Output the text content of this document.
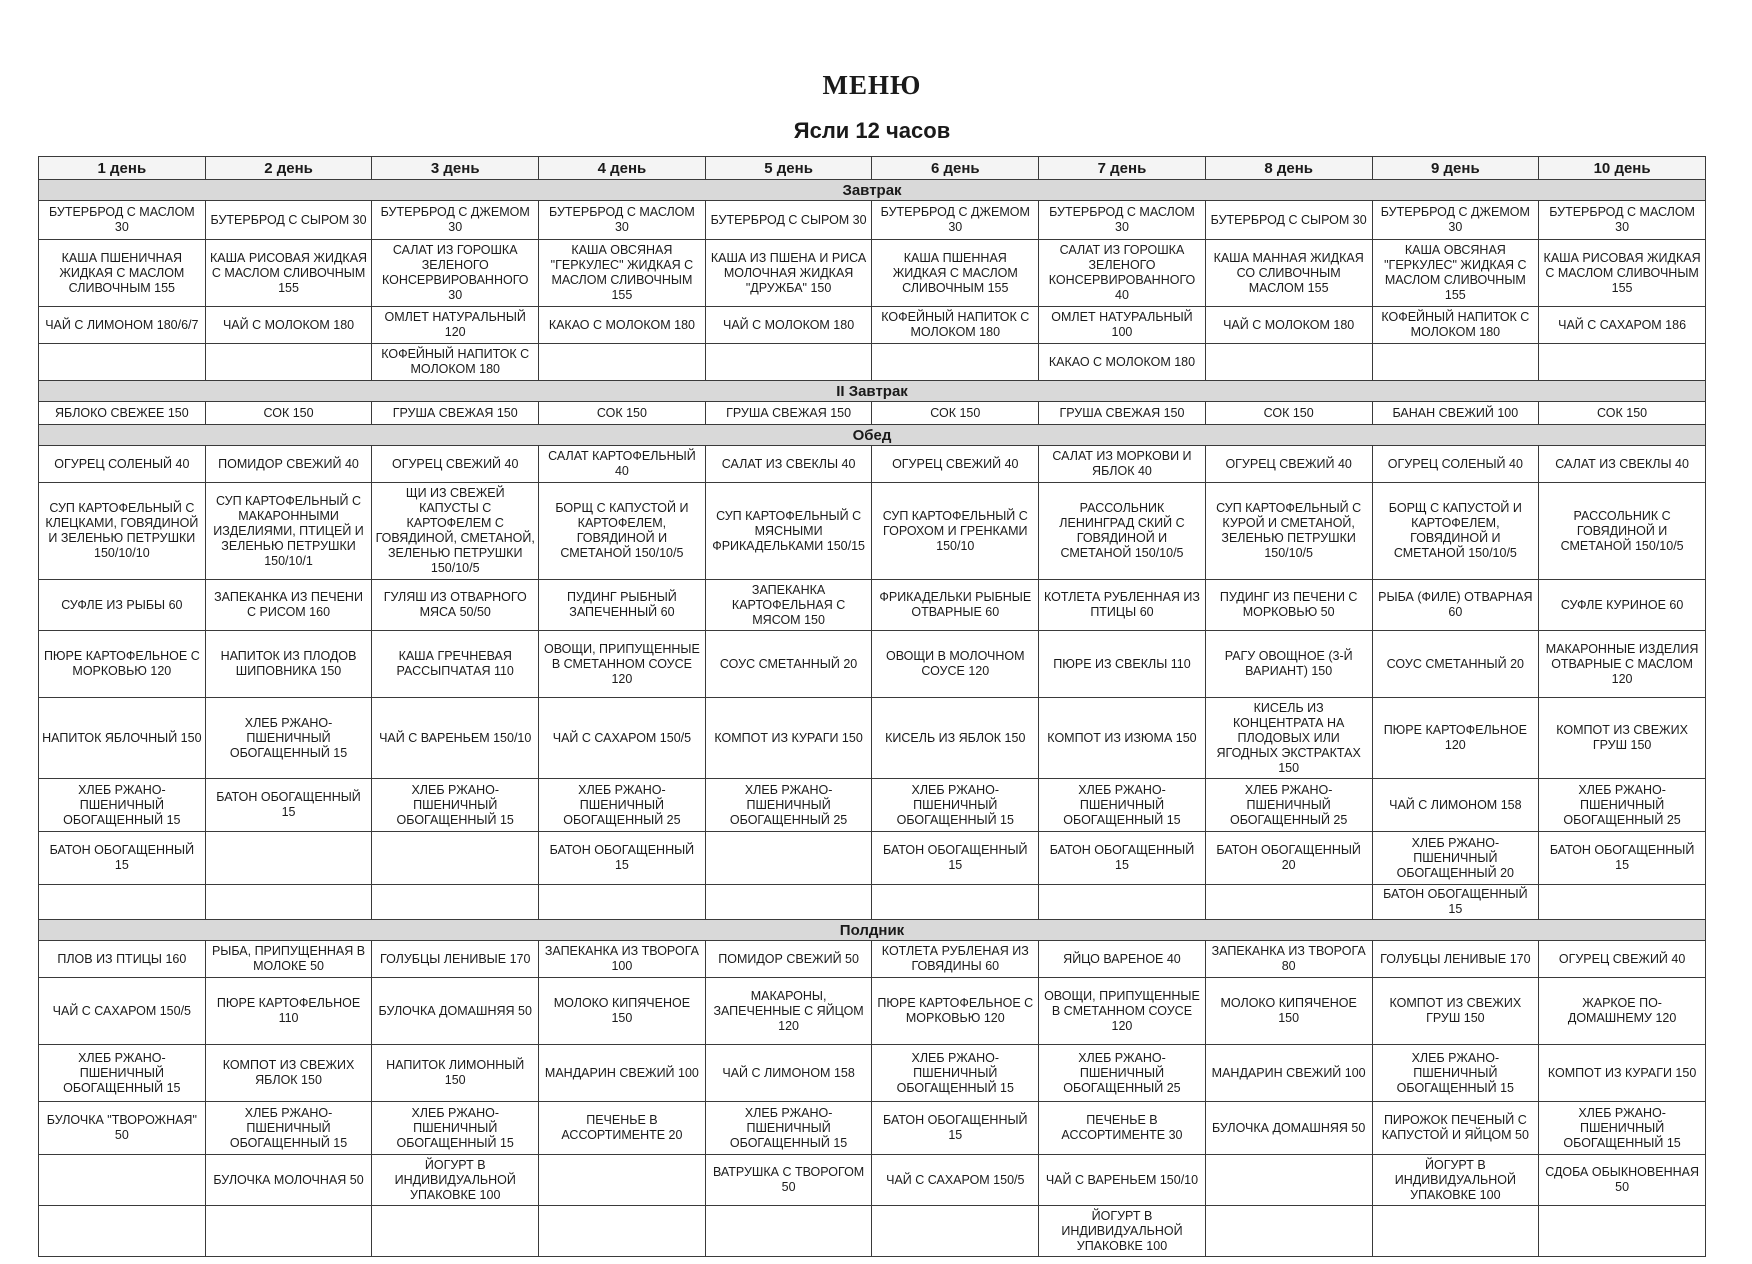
МЕНЮ
Ясли 12 часов
1 день	2 день	3 день	4 день	5 день	6 день	7 день	8 день	9 день	10 день
Завтрак									
БУТЕРБРОД С МАСЛОМ 30	БУТЕРБРОД С СЫРОМ 30	БУТЕРБРОД С ДЖЕМОМ 30	БУТЕРБРОД С МАСЛОМ 30	БУТЕРБРОД С СЫРОМ 30	БУТЕРБРОД С ДЖЕМОМ 30	БУТЕРБРОД С МАСЛОМ 30	БУТЕРБРОД С СЫРОМ 30	БУТЕРБРОД С ДЖЕМОМ 30	БУТЕРБРОД С МАСЛОМ 30
КАША ПШЕНИЧНАЯ ЖИДКАЯ С МАСЛОМ СЛИВОЧНЫМ 155	КАША РИСОВАЯ ЖИДКАЯ С МАСЛОМ СЛИВОЧНЫМ 155	САЛАТ ИЗ ГОРОШКА ЗЕЛЕНОГО КОНСЕРВИРОВАННОГО 30	КАША ОВСЯНАЯ "ГЕРКУЛЕС" ЖИДКАЯ С МАСЛОМ СЛИВОЧНЫМ 155	КАША ИЗ ПШЕНА И РИСА МОЛОЧНАЯ ЖИДКАЯ "ДРУЖБА" 150	КАША ПШЕННАЯ ЖИДКАЯ С МАСЛОМ СЛИВОЧНЫМ 155	САЛАТ ИЗ ГОРОШКА ЗЕЛЕНОГО КОНСЕРВИРОВАННОГО 40	КАША МАННАЯ ЖИДКАЯ СО СЛИВОЧНЫМ МАСЛОМ 155	КАША ОВСЯНАЯ "ГЕРКУЛЕС" ЖИДКАЯ С МАСЛОМ СЛИВОЧНЫМ 155	КАША РИСОВАЯ ЖИДКАЯ С МАСЛОМ СЛИВОЧНЫМ 155
ЧАЙ С ЛИМОНОМ 180/6/7	ЧАЙ С МОЛОКОМ 180	ОМЛЕТ НАТУРАЛЬНЫЙ 120	КАКАО С МОЛОКОМ 180	ЧАЙ С МОЛОКОМ 180	КОФЕЙНЫЙ НАПИТОК С МОЛОКОМ 180	ОМЛЕТ НАТУРАЛЬНЫЙ 100	ЧАЙ С МОЛОКОМ 180	КОФЕЙНЫЙ НАПИТОК С МОЛОКОМ 180	ЧАЙ С САХАРОМ 186
		КОФЕЙНЫЙ НАПИТОК С МОЛОКОМ 180				КАКАО С МОЛОКОМ 180			
II Завтрак									
ЯБЛОКО СВЕЖЕЕ 150	СОК 150	ГРУША СВЕЖАЯ 150	СОК 150	ГРУША СВЕЖАЯ 150	СОК 150	ГРУША СВЕЖАЯ 150	СОК 150	БАНАН СВЕЖИЙ 100	СОК 150
Обед									
ОГУРЕЦ СОЛЕНЫЙ 40	ПОМИДОР СВЕЖИЙ 40	ОГУРЕЦ СВЕЖИЙ 40	САЛАТ КАРТОФЕЛЬНЫЙ 40	САЛАТ ИЗ СВЕКЛЫ 40	ОГУРЕЦ СВЕЖИЙ 40	САЛАТ ИЗ МОРКОВИ И ЯБЛОК 40	ОГУРЕЦ СВЕЖИЙ 40	ОГУРЕЦ СОЛЕНЫЙ 40	САЛАТ ИЗ СВЕКЛЫ 40
СУП КАРТОФЕЛЬНЫЙ С КЛЕЦКАМИ, ГОВЯДИНОЙ И ЗЕЛЕНЬЮ ПЕТРУШКИ 150/10/10	СУП КАРТОФЕЛЬНЫЙ С МАКАРОННЫМИ ИЗДЕЛИЯМИ, ПТИЦЕЙ И ЗЕЛЕНЬЮ ПЕТРУШКИ 150/10/1	ЩИ ИЗ СВЕЖЕЙ КАПУСТЫ С КАРТОФЕЛЕМ С ГОВЯДИНОЙ, СМЕТАНОЙ, ЗЕЛЕНЬЮ ПЕТРУШКИ 150/10/5	БОРЩ С КАПУСТОЙ И КАРТОФЕЛЕМ, ГОВЯДИНОЙ И СМЕТАНОЙ 150/10/5	СУП КАРТОФЕЛЬНЫЙ С МЯСНЫМИ ФРИКАДЕЛЬКАМИ 150/15	СУП КАРТОФЕЛЬНЫЙ С ГОРОХОМ И ГРЕНКАМИ 150/10	РАССОЛЬНИК ЛЕНИНГРАД СКИЙ С ГОВЯДИНОЙ И СМЕТАНОЙ 150/10/5	СУП КАРТОФЕЛЬНЫЙ С КУРОЙ И СМЕТАНОЙ, ЗЕЛЕНЬЮ ПЕТРУШКИ 150/10/5	БОРЩ С КАПУСТОЙ И КАРТОФЕЛЕМ, ГОВЯДИНОЙ И СМЕТАНОЙ 150/10/5	РАССОЛЬНИК С ГОВЯДИНОЙ И СМЕТАНОЙ 150/10/5
СУФЛЕ ИЗ РЫБЫ 60	ЗАПЕКАНКА ИЗ ПЕЧЕНИ С РИСОМ 160	ГУЛЯШ ИЗ ОТВАРНОГО МЯСА 50/50	ПУДИНГ РЫБНЫЙ ЗАПЕЧЕННЫЙ 60	ЗАПЕКАНКА КАРТОФЕЛЬНАЯ С МЯСОМ 150	ФРИКАДЕЛЬКИ РЫБНЫЕ ОТВАРНЫЕ 60	КОТЛЕТА РУБЛЕННАЯ ИЗ ПТИЦЫ 60	ПУДИНГ ИЗ ПЕЧЕНИ С МОРКОВЬЮ 50	РЫБА (ФИЛЕ) ОТВАРНАЯ 60	СУФЛЕ КУРИНОЕ 60
ПЮРЕ КАРТОФЕЛЬНОЕ С МОРКОВЬЮ 120	НАПИТОК ИЗ ПЛОДОВ ШИПОВНИКА 150	КАША ГРЕЧНЕВАЯ РАССЫПЧАТАЯ 110	ОВОЩИ, ПРИПУЩЕННЫЕ В СМЕТАННОМ СОУСЕ 120	СОУС СМЕТАННЫЙ 20	ОВОЩИ В МОЛОЧНОМ СОУСЕ 120	ПЮРЕ ИЗ СВЕКЛЫ 110	РАГУ ОВОЩНОЕ (3-Й ВАРИАНТ) 150	СОУС СМЕТАННЫЙ 20	МАКАРОННЫЕ ИЗДЕЛИЯ ОТВАРНЫЕ С МАСЛОМ 120
НАПИТОК ЯБЛОЧНЫЙ 150	ХЛЕБ РЖАНО-ПШЕНИЧНЫЙ ОБОГАЩЕННЫЙ 15	ЧАЙ С ВАРЕНЬЕМ 150/10	ЧАЙ С САХАРОМ 150/5	КОМПОТ ИЗ КУРАГИ 150	КИСЕЛЬ ИЗ ЯБЛОК 150	КОМПОТ ИЗ ИЗЮМА 150	КИСЕЛЬ ИЗ КОНЦЕНТРАТА НА ПЛОДОВЫХ ИЛИ ЯГОДНЫХ ЭКСТРАКТАХ 150	ПЮРЕ КАРТОФЕЛЬНОЕ 120	КОМПОТ ИЗ СВЕЖИХ ГРУШ 150
ХЛЕБ РЖАНО-ПШЕНИЧНЫЙ ОБОГАЩЕННЫЙ 15	БАТОН ОБОГАЩЕННЫЙ 15	ХЛЕБ РЖАНО-ПШЕНИЧНЫЙ ОБОГАЩЕННЫЙ 15	ХЛЕБ РЖАНО-ПШЕНИЧНЫЙ ОБОГАЩЕННЫЙ 25	ХЛЕБ РЖАНО-ПШЕНИЧНЫЙ ОБОГАЩЕННЫЙ 25	ХЛЕБ РЖАНО-ПШЕНИЧНЫЙ ОБОГАЩЕННЫЙ 15	ХЛЕБ РЖАНО-ПШЕНИЧНЫЙ ОБОГАЩЕННЫЙ 15	ХЛЕБ РЖАНО-ПШЕНИЧНЫЙ ОБОГАЩЕННЫЙ 25	ЧАЙ С ЛИМОНОМ 158	ХЛЕБ РЖАНО-ПШЕНИЧНЫЙ ОБОГАЩЕННЫЙ 25
БАТОН ОБОГАЩЕННЫЙ 15			БАТОН ОБОГАЩЕННЫЙ 15		БАТОН ОБОГАЩЕННЫЙ 15	БАТОН ОБОГАЩЕННЫЙ 15	БАТОН ОБОГАЩЕННЫЙ 20	ХЛЕБ РЖАНО-ПШЕНИЧНЫЙ ОБОГАЩЕННЫЙ 20	БАТОН ОБОГАЩЕННЫЙ 15
								БАТОН ОБОГАЩЕННЫЙ 15	
Полдник									
ПЛОВ ИЗ ПТИЦЫ 160	РЫБА, ПРИПУЩЕННАЯ В МОЛОКЕ 50	ГОЛУБЦЫ ЛЕНИВЫЕ 170	ЗАПЕКАНКА ИЗ ТВОРОГА 100	ПОМИДОР СВЕЖИЙ 50	КОТЛЕТА РУБЛЕНАЯ ИЗ ГОВЯДИНЫ 60	ЯЙЦО ВАРЕНОЕ 40	ЗАПЕКАНКА ИЗ ТВОРОГА 80	ГОЛУБЦЫ ЛЕНИВЫЕ 170	ОГУРЕЦ СВЕЖИЙ 40
ЧАЙ С САХАРОМ 150/5	ПЮРЕ КАРТОФЕЛЬНОЕ 110	БУЛОЧКА ДОМАШНЯЯ 50	МОЛОКО КИПЯЧЕНОЕ 150	МАКАРОНЫ, ЗАПЕЧЕННЫЕ С ЯЙЦОМ 120	ПЮРЕ КАРТОФЕЛЬНОЕ С МОРКОВЬЮ 120	ОВОЩИ, ПРИПУЩЕННЫЕ В СМЕТАННОМ СОУСЕ 120	МОЛОКО КИПЯЧЕНОЕ 150	КОМПОТ ИЗ СВЕЖИХ ГРУШ 150	ЖАРКОЕ ПО-ДОМАШНЕМУ 120
ХЛЕБ РЖАНО-ПШЕНИЧНЫЙ ОБОГАЩЕННЫЙ 15	КОМПОТ ИЗ СВЕЖИХ ЯБЛОК 150	НАПИТОК ЛИМОННЫЙ 150	МАНДАРИН СВЕЖИЙ 100	ЧАЙ С ЛИМОНОМ 158	ХЛЕБ РЖАНО-ПШЕНИЧНЫЙ ОБОГАЩЕННЫЙ 15	ХЛЕБ РЖАНО-ПШЕНИЧНЫЙ ОБОГАЩЕННЫЙ 25	МАНДАРИН СВЕЖИЙ 100	ХЛЕБ РЖАНО-ПШЕНИЧНЫЙ ОБОГАЩЕННЫЙ 15	КОМПОТ ИЗ КУРАГИ 150
БУЛОЧКА "ТВОРОЖНАЯ" 50	ХЛЕБ РЖАНО-ПШЕНИЧНЫЙ ОБОГАЩЕННЫЙ 15	ХЛЕБ РЖАНО-ПШЕНИЧНЫЙ ОБОГАЩЕННЫЙ 15	ПЕЧЕНЬЕ В АССОРТИМЕНТЕ 20	ХЛЕБ РЖАНО-ПШЕНИЧНЫЙ ОБОГАЩЕННЫЙ 15	БАТОН ОБОГАЩЕННЫЙ 15	ПЕЧЕНЬЕ В АССОРТИМЕНТЕ 30	БУЛОЧКА ДОМАШНЯЯ 50	ПИРОЖОК ПЕЧЕНЫЙ С КАПУСТОЙ И ЯЙЦОМ 50	ХЛЕБ РЖАНО-ПШЕНИЧНЫЙ ОБОГАЩЕННЫЙ 15
	БУЛОЧКА МОЛОЧНАЯ 50	ЙОГУРТ В ИНДИВИДУАЛЬНОЙ УПАКОВКЕ 100		ВАТРУШКА С ТВОРОГОМ 50	ЧАЙ С САХАРОМ 150/5	ЧАЙ С ВАРЕНЬЕМ 150/10		ЙОГУРТ В ИНДИВИДУАЛЬНОЙ УПАКОВКЕ 100	СДОБА ОБЫКНОВЕННАЯ 50
						ЙОГУРТ В ИНДИВИДУАЛЬНОЙ УПАКОВКЕ 100			
